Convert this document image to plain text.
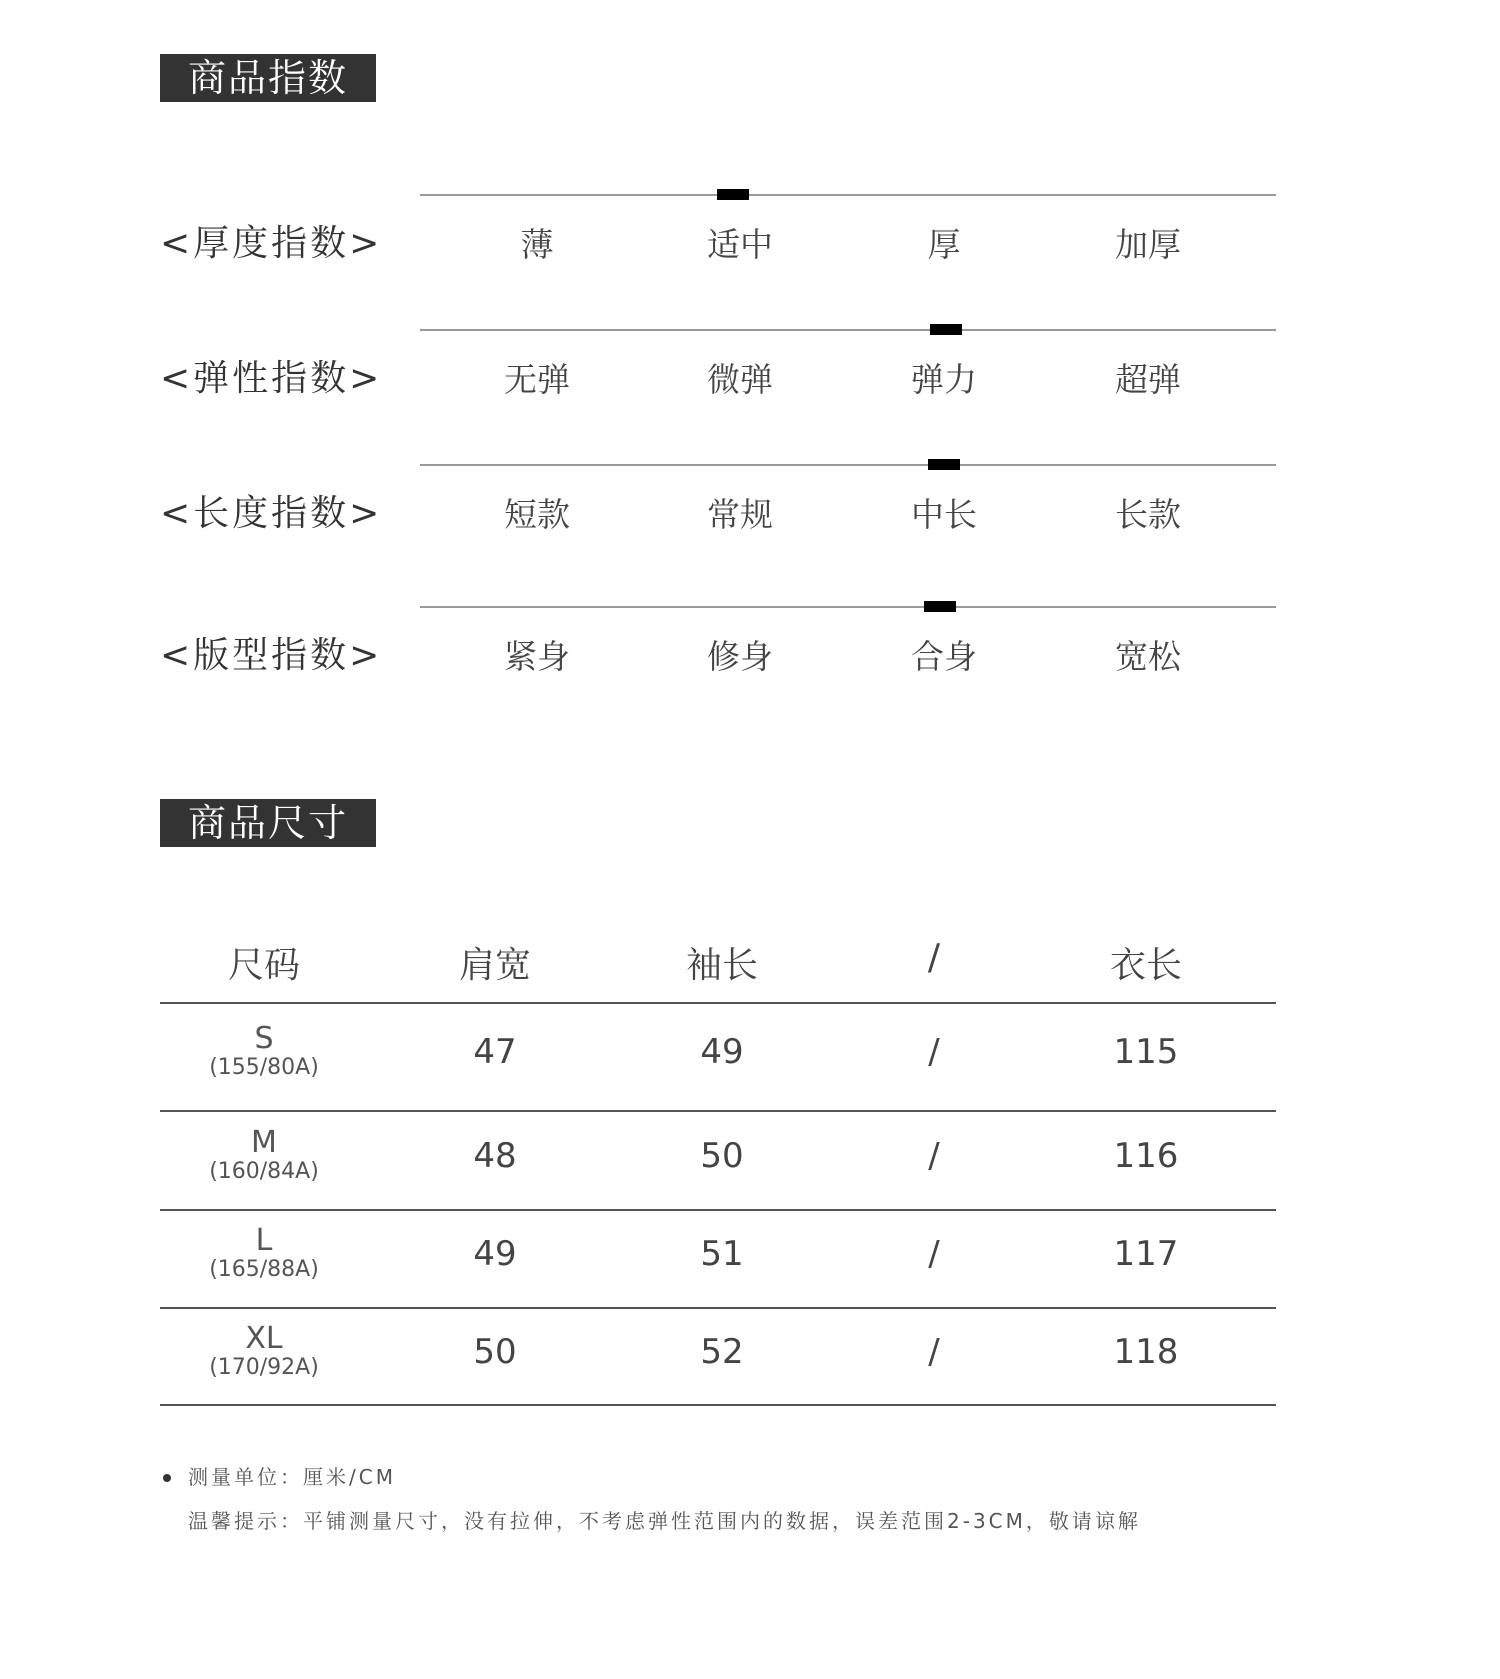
商品指数
<厚度指数>	薄	适中	厚	加厚
<弹性指数>	无弹	微弹	弹力	超弹
<长度指数>	短款	常规	中长	长款
<版型指数>	紧身	修身	合身	宽松
商品尺寸
尺码	肩宽	袖长	/	衣长
S
(155/80A)	47	49	/	115
M
(160/84A)	48	50	/	116
L
(165/88A)	49	51	/	117
XL
(170/92A)	50	52	/	118
测量单位：厘米/CM
温馨提示：平铺测量尺寸，没有拉伸，不考虑弹性范围内的数据，误差范围2-3CM，敬请谅解
